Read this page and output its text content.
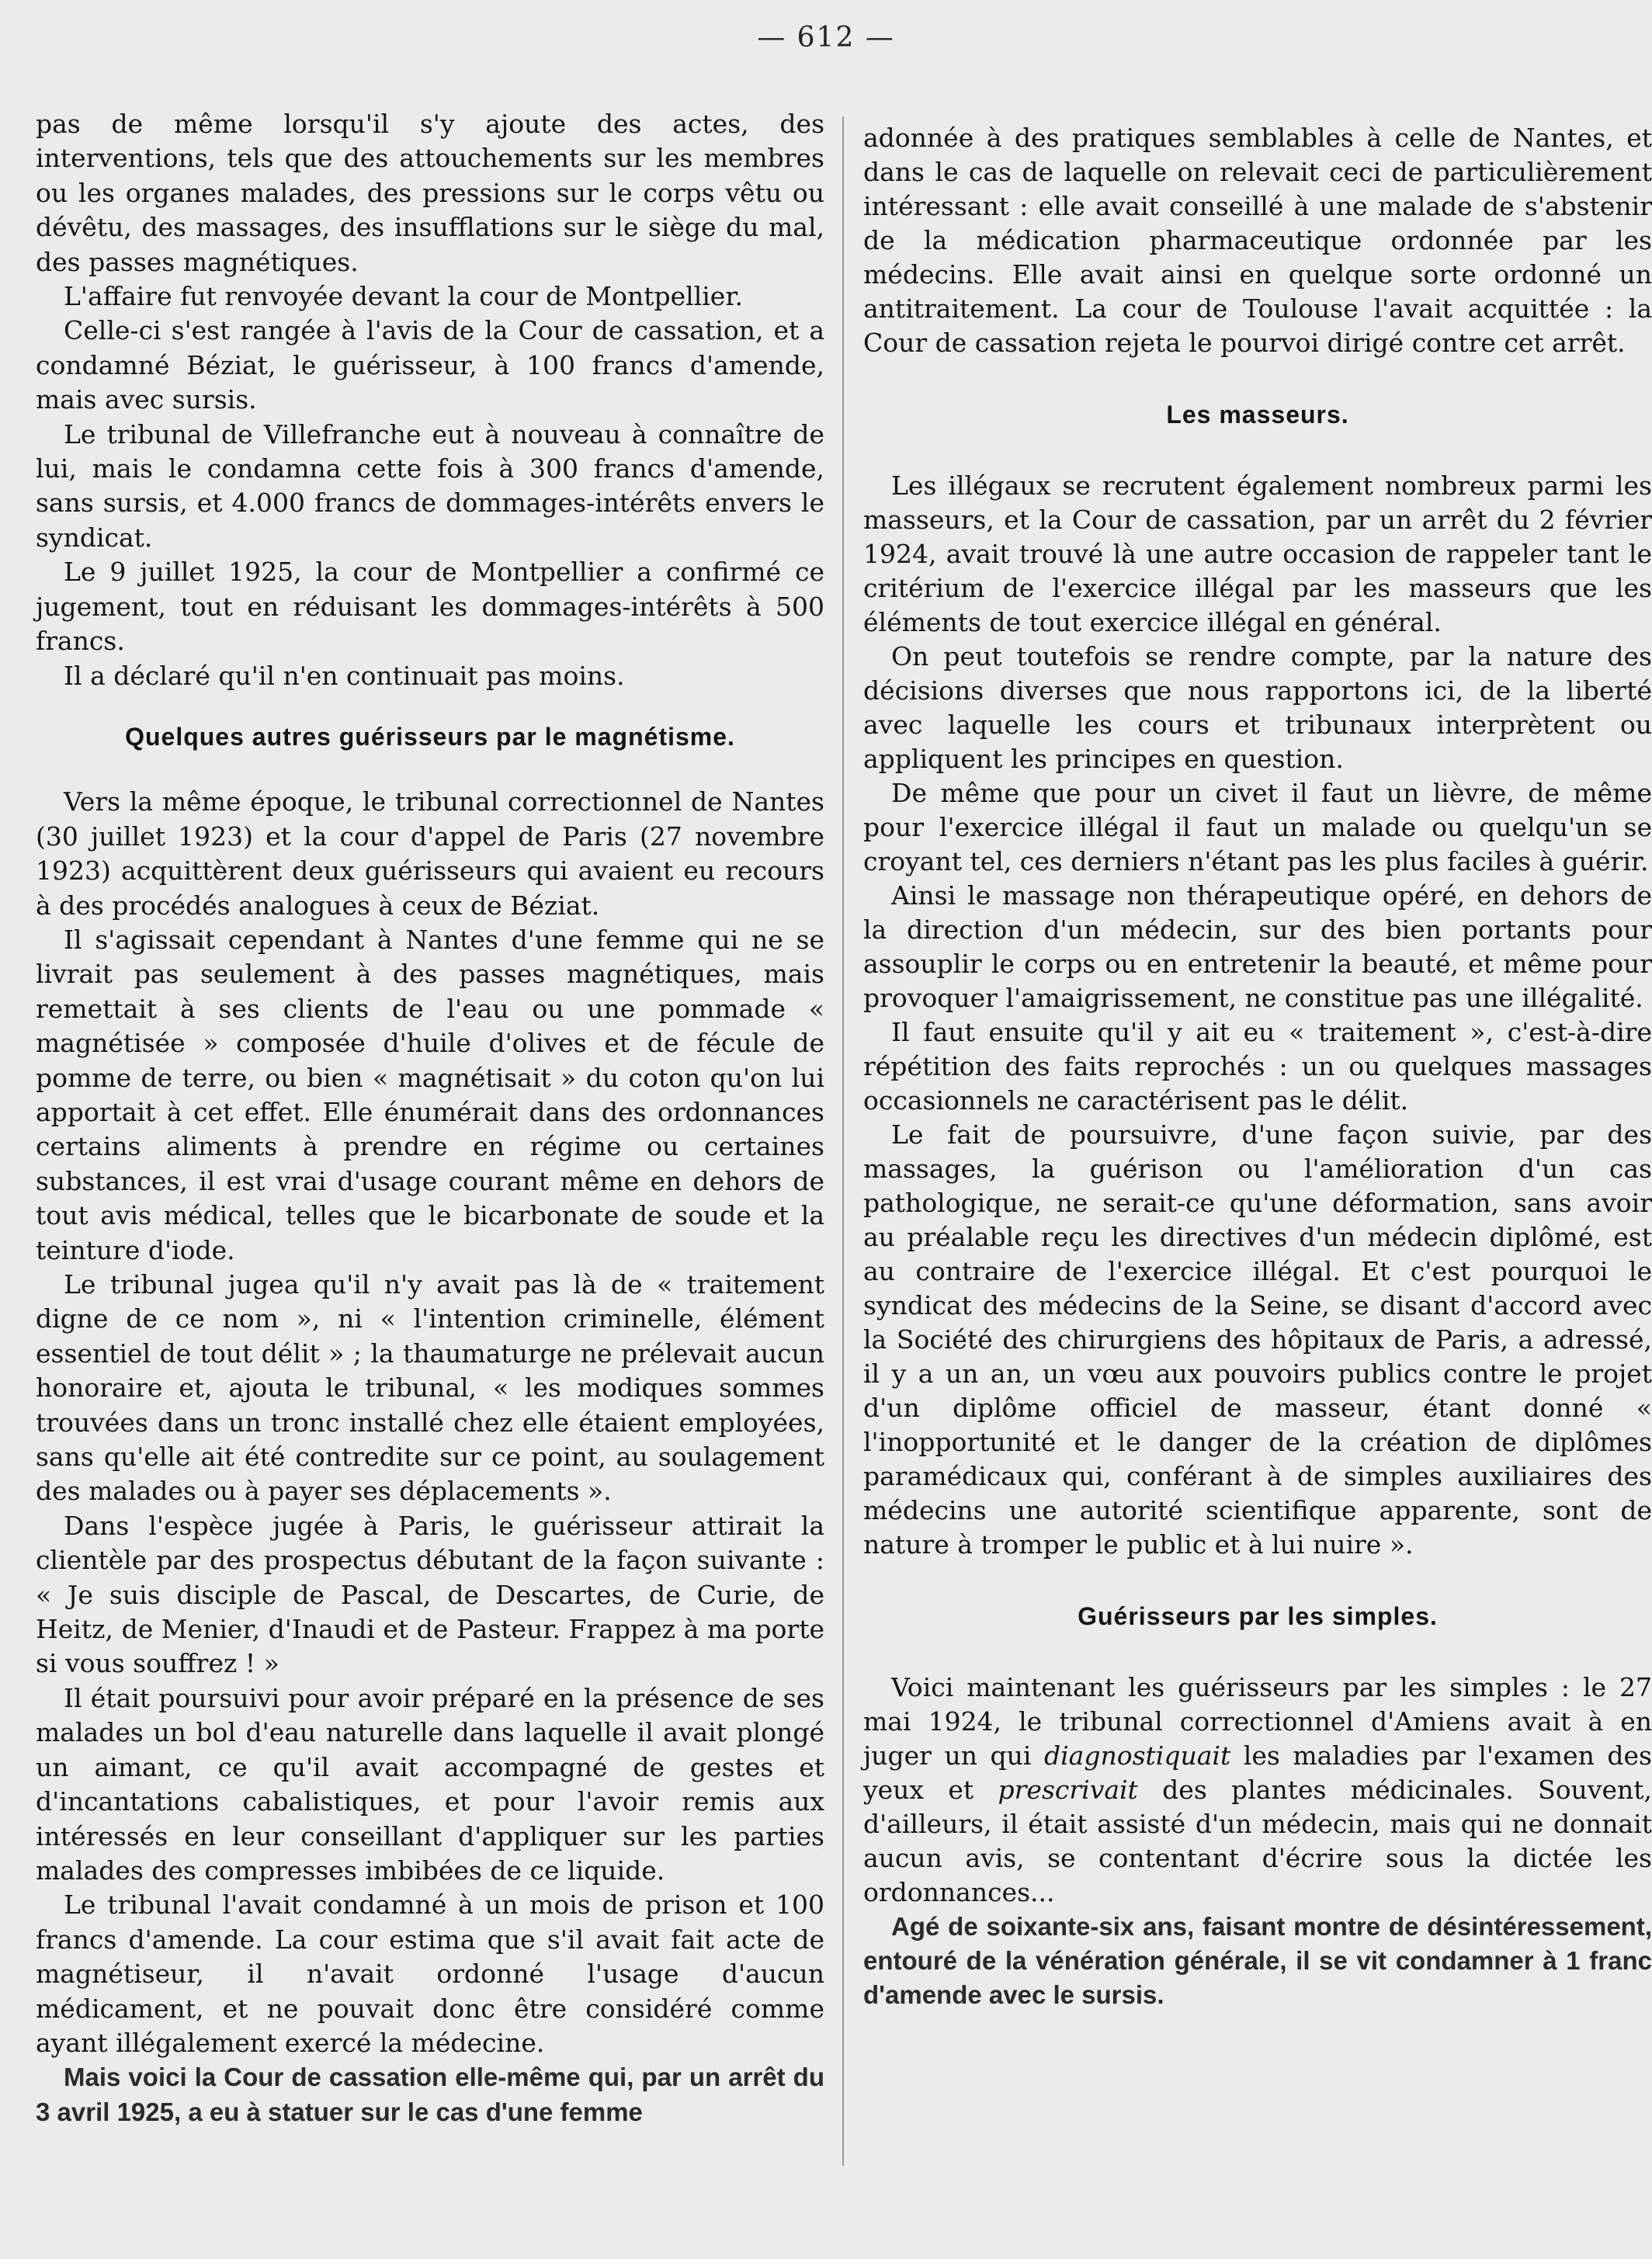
— 612 —

pas de même lorsqu'il s'y ajoute des actes, des interventions, tels que des attouchements sur les membres ou les organes malades, des pressions sur le corps vêtu ou dévêtu, des massages, des insufflations sur le siège du mal, des passes magnétiques.

L'affaire fut renvoyée devant la cour de Montpellier.

Celle-ci s'est rangée à l'avis de la Cour de cassation, et a condamné Béziat, le guérisseur, à 100 francs d'amende, mais avec sursis.

Le tribunal de Villefranche eut à nouveau à connaître de lui, mais le condamna cette fois à 300 francs d'amende, sans sursis, et 4.000 francs de dommages-intérêts envers le syndicat.

Le 9 juillet 1925, la cour de Montpellier a confirmé ce jugement, tout en réduisant les dommages-intérêts à 500 francs.

Il a déclaré qu'il n'en continuait pas moins.

Quelques autres guérisseurs par le magnétisme.

Vers la même époque, le tribunal correctionnel de Nantes (30 juillet 1923) et la cour d'appel de Paris (27 novembre 1923) acquittèrent deux guérisseurs qui avaient eu recours à des procédés analogues à ceux de Béziat.

Il s'agissait cependant à Nantes d'une femme qui ne se livrait pas seulement à des passes magnétiques, mais remettait à ses clients de l'eau ou une pommade « magnétisée » composée d'huile d'olives et de fécule de pomme de terre, ou bien « magnétisait » du coton qu'on lui apportait à cet effet. Elle énumérait dans des ordonnances certains aliments à prendre en régime ou certaines substances, il est vrai d'usage courant même en dehors de tout avis médical, telles que le bicarbonate de soude et la teinture d'iode.

Le tribunal jugea qu'il n'y avait pas là de « traitement digne de ce nom », ni « l'intention criminelle, élément essentiel de tout délit » ; la thaumaturge ne prélevait aucun honoraire et, ajouta le tribunal, « les modiques sommes trouvées dans un tronc installé chez elle étaient employées, sans qu'elle ait été contredite sur ce point, au soulagement des malades ou à payer ses déplacements ».

Dans l'espèce jugée à Paris, le guérisseur attirait la clientèle par des prospectus débutant de la façon suivante : « Je suis disciple de Pascal, de Descartes, de Curie, de Heitz, de Menier, d'Inaudi et de Pasteur. Frappez à ma porte si vous souffrez ! »

Il était poursuivi pour avoir préparé en la présence de ses malades un bol d'eau naturelle dans laquelle il avait plongé un aimant, ce qu'il avait accompagné de gestes et d'incantations cabalistiques, et pour l'avoir remis aux intéressés en leur conseillant d'appliquer sur les parties malades des compresses imbibées de ce liquide.

Le tribunal l'avait condamné à un mois de prison et 100 francs d'amende. La cour estima que s'il avait fait acte de magnétiseur, il n'avait ordonné l'usage d'aucun médicament, et ne pouvait donc être considéré comme ayant illégalement exercé la médecine.

Mais voici la Cour de cassation elle-même qui, par un arrêt du 3 avril 1925, a eu à statuer sur le cas d'une femme

adonnée à des pratiques semblables à celle de Nantes, et dans le cas de laquelle on relevait ceci de particulièrement intéressant : elle avait conseillé à une malade de s'abstenir de la médication pharmaceutique ordonnée par les médecins. Elle avait ainsi en quelque sorte ordonné un antitraitement. La cour de Toulouse l'avait acquittée : la Cour de cassation rejeta le pourvoi dirigé contre cet arrêt.

Les masseurs.

Les illégaux se recrutent également nombreux parmi les masseurs, et la Cour de cassation, par un arrêt du 2 février 1924, avait trouvé là une autre occasion de rappeler tant le critérium de l'exercice illégal par les masseurs que les éléments de tout exercice illégal en général.

On peut toutefois se rendre compte, par la nature des décisions diverses que nous rapportons ici, de la liberté avec laquelle les cours et tribunaux interprètent ou appliquent les principes en question.

De même que pour un civet il faut un lièvre, de même pour l'exercice illégal il faut un malade ou quelqu'un se croyant tel, ces derniers n'étant pas les plus faciles à guérir.

Ainsi le massage non thérapeutique opéré, en dehors de la direction d'un médecin, sur des bien portants pour assouplir le corps ou en entretenir la beauté, et même pour provoquer l'amaigrissement, ne constitue pas une illégalité.

Il faut ensuite qu'il y ait eu « traitement », c'est-à-dire répétition des faits reprochés : un ou quelques massages occasionnels ne caractérisent pas le délit.

Le fait de poursuivre, d'une façon suivie, par des massages, la guérison ou l'amélioration d'un cas pathologique, ne serait-ce qu'une déformation, sans avoir au préalable reçu les directives d'un médecin diplômé, est au contraire de l'exercice illégal. Et c'est pourquoi le syndicat des médecins de la Seine, se disant d'accord avec la Société des chirurgiens des hôpitaux de Paris, a adressé, il y a un an, un vœu aux pouvoirs publics contre le projet d'un diplôme officiel de masseur, étant donné « l'inopportunité et le danger de la création de diplômes paramédicaux qui, conférant à de simples auxiliaires des médecins une autorité scientifique apparente, sont de nature à tromper le public et à lui nuire ».

Guérisseurs par les simples.

Voici maintenant les guérisseurs par les simples : le 27 mai 1924, le tribunal correctionnel d'Amiens avait à en juger un qui diagnostiquait les maladies par l'examen des yeux et prescrivait des plantes médicinales. Souvent, d'ailleurs, il était assisté d'un médecin, mais qui ne donnait aucun avis, se contentant d'écrire sous la dictée les ordonnances...

Agé de soixante-six ans, faisant montre de désintéressement, entouré de la vénération générale, il se vit condamner à 1 franc d'amende avec le sursis.
